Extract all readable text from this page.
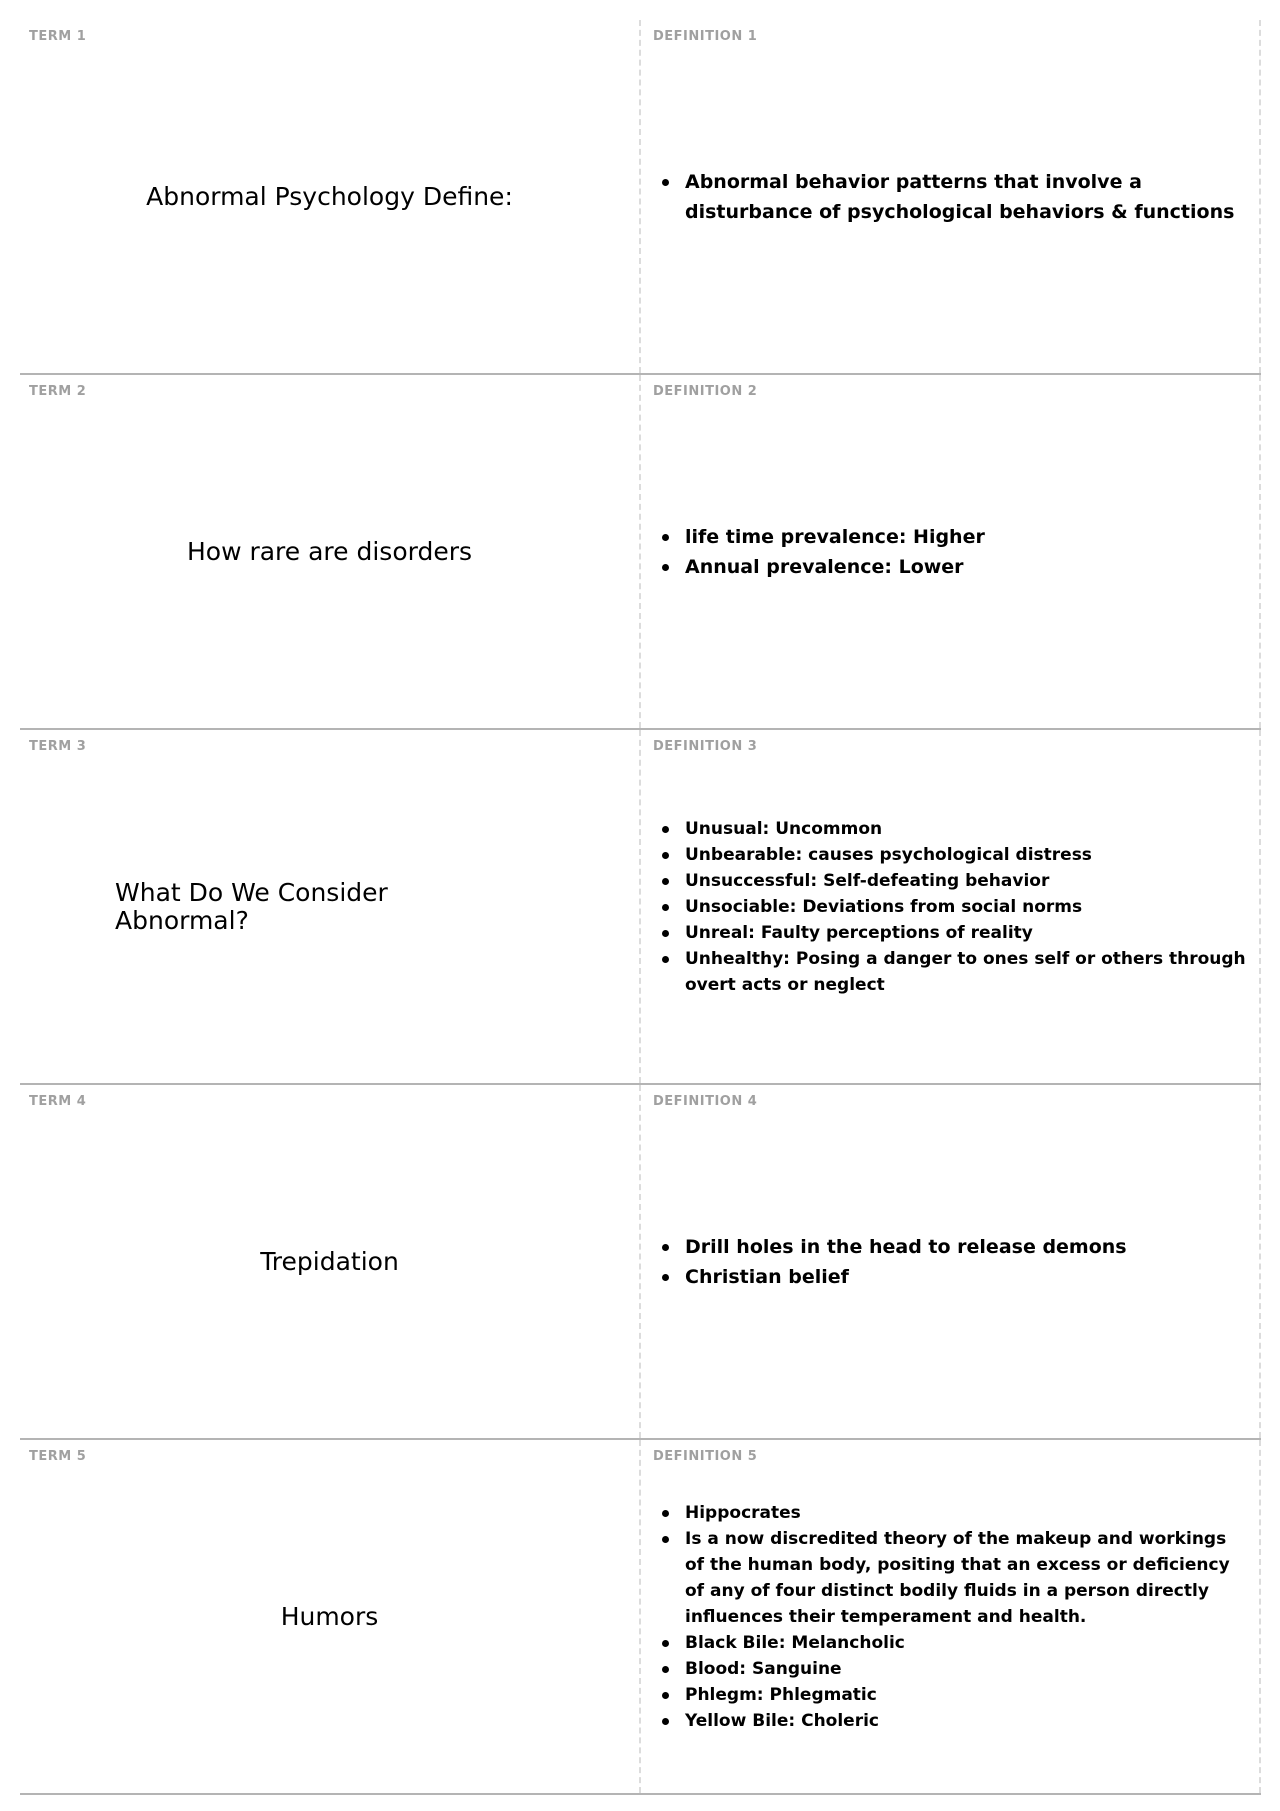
TERM 1
Abnormal Psychology Define:
DEFINITION 1
Abnormal behavior patterns that involve a disturbance of psychological behaviors & functions
TERM 2
How rare are disorders
DEFINITION 2
life time prevalence: Higher
Annual prevalence: Lower
TERM 3
What Do We Consider Abnormal?
DEFINITION 3
Unusual: Uncommon
Unbearable: causes psychological distress
Unsuccessful: Self-defeating behavior
Unsociable: Deviations from social norms
Unreal: Faulty perceptions of reality
Unhealthy: Posing a danger to ones self or others through overt acts or neglect
TERM 4
Trepidation
DEFINITION 4
Drill holes in the head to release demons
Christian belief
TERM 5
Humors
DEFINITION 5
Hippocrates
Is a now discredited theory of the makeup and workings of the human body, positing that an excess or deficiency of any of four distinct bodily fluids in a person directly influences their temperament and health.
Black Bile: Melancholic
Blood: Sanguine
Phlegm: Phlegmatic
Yellow Bile: Choleric
